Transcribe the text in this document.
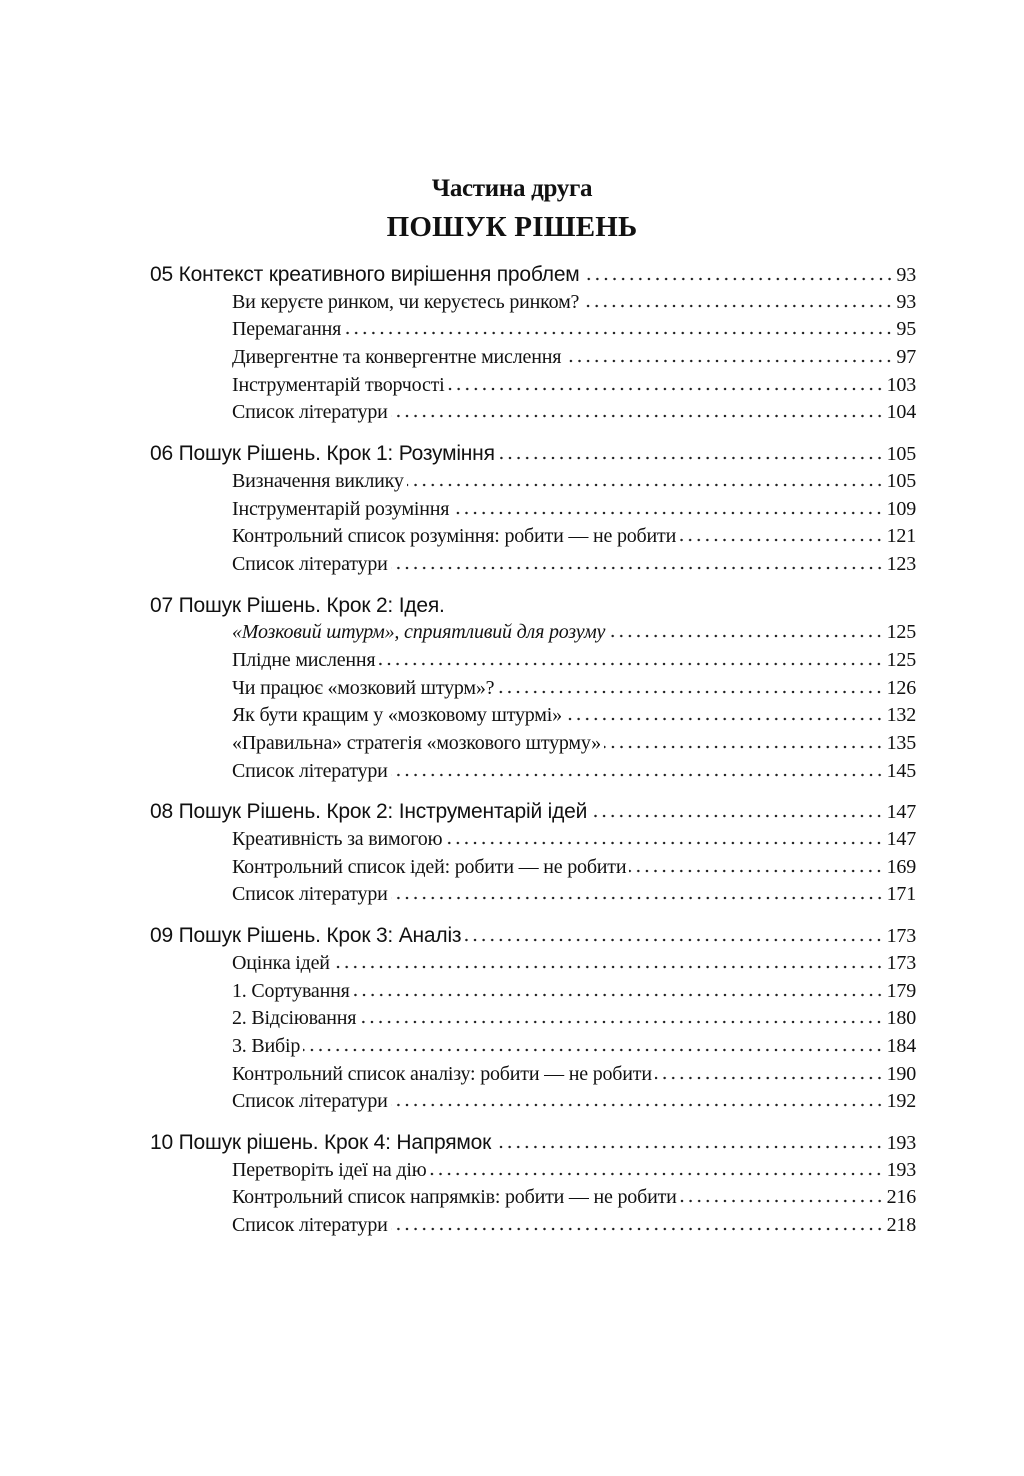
Частина друга
ПОШУК РІШЕНЬ
05 Контекст креативного вирішення проблем	93
Ви керуєте ринком, чи керуєтесь ринком?	93
Перемагання	95
Дивергентне та конвергентне мислення	97
Інструментарій творчості	103
Список літератури	104
06 Пошук Рішень. Крок 1: Розуміння	105
Визначення виклику	105
Інструментарій розуміння	109
Контрольний список розуміння: робити — не робити	121
Список літератури	123
07 Пошук Рішень. Крок 2: Ідея.
«Мозковий штурм», сприятливий для розуму	125
Плідне мислення	125
Чи працює «мозковий штурм»?	126
Як бути кращим у «мозковому штурмі»	132
«Правильна» стратегія «мозкового штурму»	135
Список літератури	145
08 Пошук Рішень. Крок 2: Інструментарій ідей	147
Креативність за вимогою	147
Контрольний список ідей: робити — не робити	169
Список літератури	171
09 Пошук Рішень. Крок 3: Аналіз	173
Оцінка ідей	173
1. Сортування	179
2. Відсіювання	180
3. Вибір	184
Контрольний список аналізу: робити — не робити	190
Список літератури	192
10 Пошук рішень. Крок 4: Напрямок	193
Перетворіть ідеї на дію	193
Контрольний список напрямків: робити — не робити	216
Список літератури	218
